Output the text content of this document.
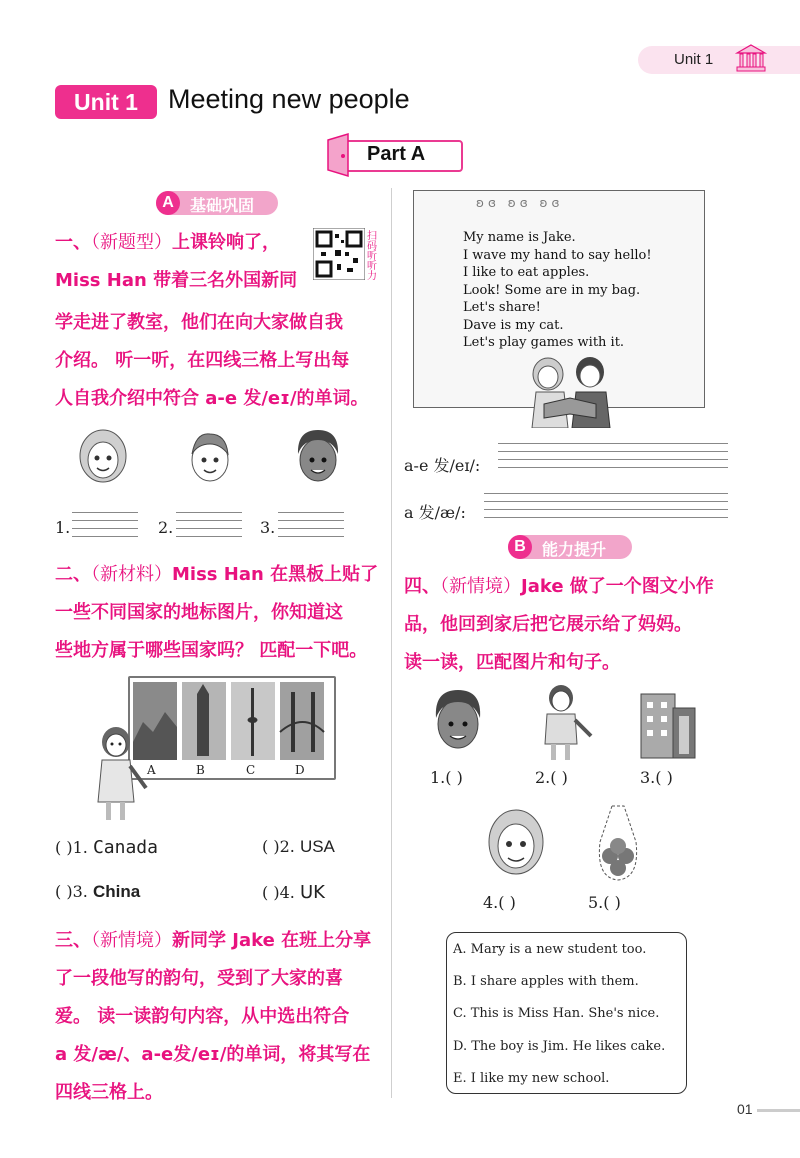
Unit 1
Unit 1	Meeting new people
Part A
A	基础巩固
一、（新题型）上课铃响了，
Miss Han 带着三名外国新同
扫码听听力
学走进了教室，他们在向大家做自我
介绍。 听一听，在四线三格上写出每
人自我介绍中符合 a-e 发/eɪ/的单词。
1.	2.	3.
二、（新材料）Miss Han 在黑板上贴了
一些不同国家的地标图片，你知道这
些地方属于哪些国家吗？ 匹配一下吧。
A	B	C	D
( )1. Canada	( )2. USA
( )3. China	( )4. UK
三、（新情境）新同学 Jake 在班上分享
了一段他写的韵句，受到了大家的喜
爱。 读一读韵句内容，从中选出符合
a 发/æ/、a-e发/eɪ/的单词，将其写在
四线三格上。
ʚɞ ʚɞ ʚɞ
My name is Jake.
I wave my hand to say hello!
I like to eat apples.
Look! Some are in my bag.
Let's share!
Dave is my cat.
Let's play games with it.
a-e 发/eɪ/:
a 发/æ/:
B	能力提升
四、（新情境）Jake 做了一个图文小作
品，他回到家后把它展示给了妈妈。
读一读，匹配图片和句子。
1.( )	2.( )	3.( )
4.( )	5.( )
A. Mary is a new student too.
B. I share apples with them.
C. This is Miss Han. She's nice.
D. The boy is Jim. He likes cake.
E. I like my new school.
01
